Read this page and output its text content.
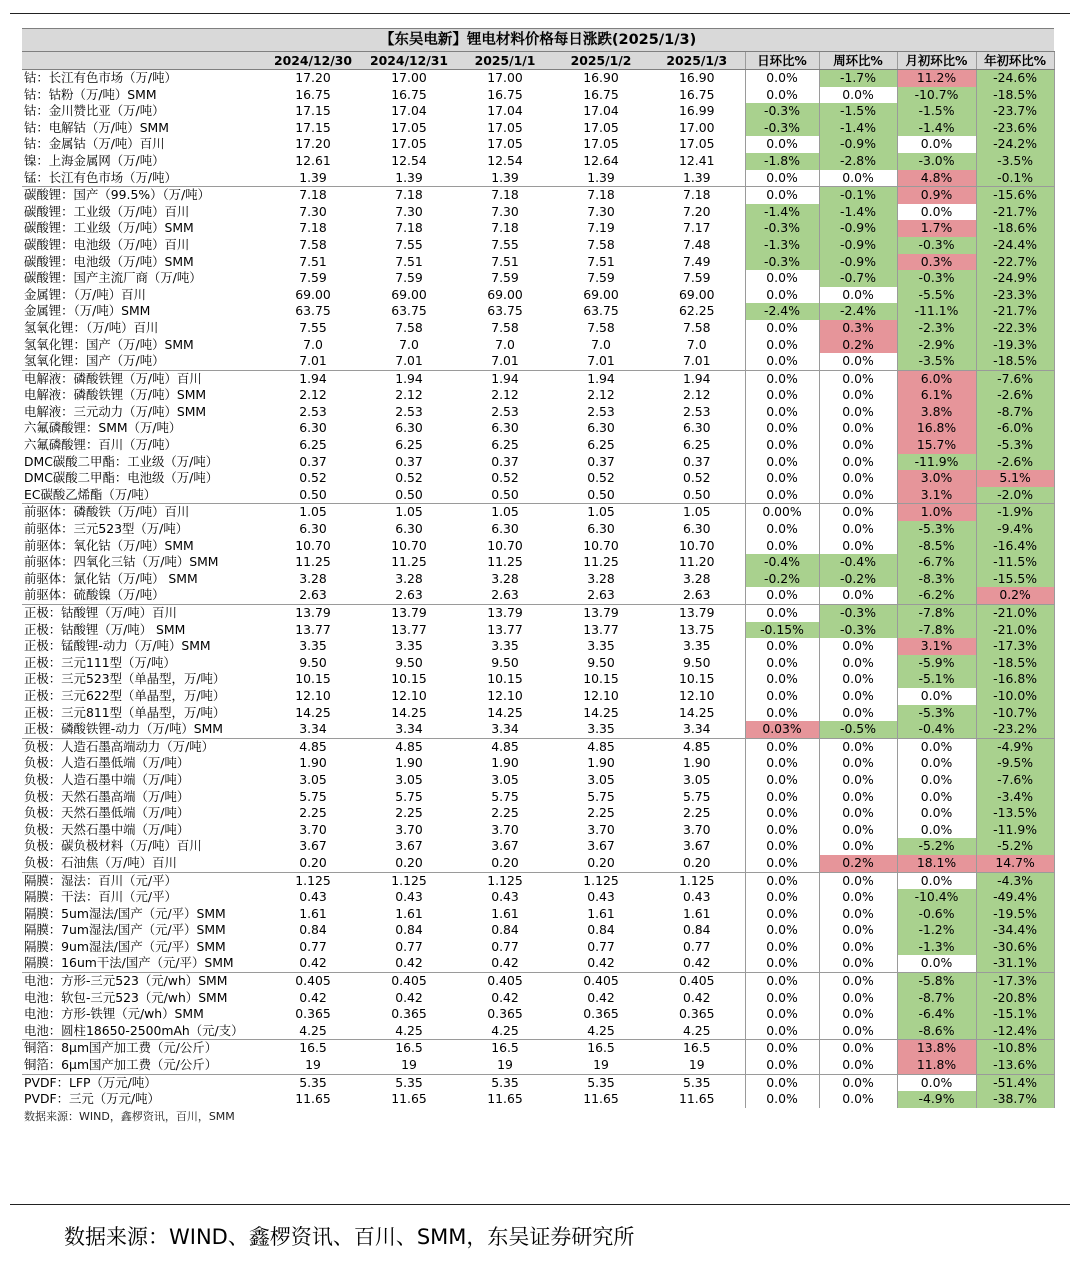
【东吴电新】锂电材料价格每日涨跌(2025/1/3)									
	2024/12/30	2024/12/31	2025/1/1	2025/1/2	2025/1/3	日环比%	周环比%	月初环比%	年初环比%
钴：长江有色市场（万/吨）	17.20	17.00	17.00	16.90	16.90	0.0%	-1.7%	11.2%	-24.6%
钴：钴粉（万/吨）SMM	16.75	16.75	16.75	16.75	16.75	0.0%	0.0%	-10.7%	-18.5%
钴：金川赞比亚（万/吨）	17.15	17.04	17.04	17.04	16.99	-0.3%	-1.5%	-1.5%	-23.7%
钴：电解钴（万/吨）SMM	17.15	17.05	17.05	17.05	17.00	-0.3%	-1.4%	-1.4%	-23.6%
钴：金属钴（万/吨）百川	17.20	17.05	17.05	17.05	17.05	0.0%	-0.9%	0.0%	-24.2%
镍：上海金属网（万/吨）	12.61	12.54	12.54	12.64	12.41	-1.8%	-2.8%	-3.0%	-3.5%
锰：长江有色市场（万/吨）	1.39	1.39	1.39	1.39	1.39	0.0%	0.0%	4.8%	-0.1%
碳酸锂：国产（99.5%）（万/吨）	7.18	7.18	7.18	7.18	7.18	0.0%	-0.1%	0.9%	-15.6%
碳酸锂：工业级（万/吨）百川	7.30	7.30	7.30	7.30	7.20	-1.4%	-1.4%	0.0%	-21.7%
碳酸锂：工业级（万/吨）SMM	7.18	7.18	7.18	7.19	7.17	-0.3%	-0.9%	1.7%	-18.6%
碳酸锂：电池级（万/吨）百川	7.58	7.55	7.55	7.58	7.48	-1.3%	-0.9%	-0.3%	-24.4%
碳酸锂：电池级（万/吨）SMM	7.51	7.51	7.51	7.51	7.49	-0.3%	-0.9%	0.3%	-22.7%
碳酸锂：国产主流厂商（万/吨）	7.59	7.59	7.59	7.59	7.59	0.0%	-0.7%	-0.3%	-24.9%
金属锂：（万/吨）百川	69.00	69.00	69.00	69.00	69.00	0.0%	0.0%	-5.5%	-23.3%
金属锂：（万/吨）SMM	63.75	63.75	63.75	63.75	62.25	-2.4%	-2.4%	-11.1%	-21.7%
氢氧化锂：（万/吨）百川	7.55	7.58	7.58	7.58	7.58	0.0%	0.3%	-2.3%	-22.3%
氢氧化锂：国产（万/吨）SMM	7.0	7.0	7.0	7.0	7.0	0.0%	0.2%	-2.9%	-19.3%
氢氧化锂：国产（万/吨）	7.01	7.01	7.01	7.01	7.01	0.0%	0.0%	-3.5%	-18.5%
电解液：磷酸铁锂（万/吨）百川	1.94	1.94	1.94	1.94	1.94	0.0%	0.0%	6.0%	-7.6%
电解液：磷酸铁锂（万/吨）SMM	2.12	2.12	2.12	2.12	2.12	0.0%	0.0%	6.1%	-2.6%
电解液：三元动力（万/吨）SMM	2.53	2.53	2.53	2.53	2.53	0.0%	0.0%	3.8%	-8.7%
六氟磷酸锂：SMM（万/吨）	6.30	6.30	6.30	6.30	6.30	0.0%	0.0%	16.8%	-6.0%
六氟磷酸锂：百川（万/吨）	6.25	6.25	6.25	6.25	6.25	0.0%	0.0%	15.7%	-5.3%
DMC碳酸二甲酯：工业级（万/吨）	0.37	0.37	0.37	0.37	0.37	0.0%	0.0%	-11.9%	-2.6%
DMC碳酸二甲酯：电池级（万/吨）	0.52	0.52	0.52	0.52	0.52	0.0%	0.0%	3.0%	5.1%
EC碳酸乙烯酯（万/吨）	0.50	0.50	0.50	0.50	0.50	0.0%	0.0%	3.1%	-2.0%
前驱体：磷酸铁（万/吨）百川	1.05	1.05	1.05	1.05	1.05	0.00%	0.0%	1.0%	-1.9%
前驱体：三元523型（万/吨）	6.30	6.30	6.30	6.30	6.30	0.0%	0.0%	-5.3%	-9.4%
前驱体：氧化钴（万/吨）SMM	10.70	10.70	10.70	10.70	10.70	0.0%	0.0%	-8.5%	-16.4%
前驱体：四氧化三钴（万/吨）SMM	11.25	11.25	11.25	11.25	11.20	-0.4%	-0.4%	-6.7%	-11.5%
前驱体：氯化钴（万/吨） SMM	3.28	3.28	3.28	3.28	3.28	-0.2%	-0.2%	-8.3%	-15.5%
前驱体：硫酸镍（万/吨）	2.63	2.63	2.63	2.63	2.63	0.0%	0.0%	-6.2%	0.2%
正极：钴酸锂（万/吨）百川	13.79	13.79	13.79	13.79	13.79	0.0%	-0.3%	-7.8%	-21.0%
正极：钴酸锂（万/吨） SMM	13.77	13.77	13.77	13.77	13.75	-0.15%	-0.3%	-7.8%	-21.0%
正极：锰酸锂-动力（万/吨）SMM	3.35	3.35	3.35	3.35	3.35	0.0%	0.0%	3.1%	-17.3%
正极：三元111型（万/吨）	9.50	9.50	9.50	9.50	9.50	0.0%	0.0%	-5.9%	-18.5%
正极：三元523型（单晶型，万/吨）	10.15	10.15	10.15	10.15	10.15	0.0%	0.0%	-5.1%	-16.8%
正极：三元622型（单晶型，万/吨）	12.10	12.10	12.10	12.10	12.10	0.0%	0.0%	0.0%	-10.0%
正极：三元811型（单晶型，万/吨）	14.25	14.25	14.25	14.25	14.25	0.0%	0.0%	-5.3%	-10.7%
正极：磷酸铁锂-动力（万/吨）SMM	3.34	3.34	3.34	3.35	3.34	0.03%	-0.5%	-0.4%	-23.2%
负极：人造石墨高端动力（万/吨）	4.85	4.85	4.85	4.85	4.85	0.0%	0.0%	0.0%	-4.9%
负极：人造石墨低端（万/吨）	1.90	1.90	1.90	1.90	1.90	0.0%	0.0%	0.0%	-9.5%
负极：人造石墨中端（万/吨）	3.05	3.05	3.05	3.05	3.05	0.0%	0.0%	0.0%	-7.6%
负极：天然石墨高端（万/吨）	5.75	5.75	5.75	5.75	5.75	0.0%	0.0%	0.0%	-3.4%
负极：天然石墨低端（万/吨）	2.25	2.25	2.25	2.25	2.25	0.0%	0.0%	0.0%	-13.5%
负极：天然石墨中端（万/吨）	3.70	3.70	3.70	3.70	3.70	0.0%	0.0%	0.0%	-11.9%
负极：碳负极材料（万/吨）百川	3.67	3.67	3.67	3.67	3.67	0.0%	0.0%	-5.2%	-5.2%
负极：石油焦（万/吨）百川	0.20	0.20	0.20	0.20	0.20	0.0%	0.2%	18.1%	14.7%
隔膜：湿法：百川（元/平）	1.125	1.125	1.125	1.125	1.125	0.0%	0.0%	0.0%	-4.3%
隔膜：干法：百川（元/平）	0.43	0.43	0.43	0.43	0.43	0.0%	0.0%	-10.4%	-49.4%
隔膜：5um湿法/国产（元/平）SMM	1.61	1.61	1.61	1.61	1.61	0.0%	0.0%	-0.6%	-19.5%
隔膜：7um湿法/国产（元/平）SMM	0.84	0.84	0.84	0.84	0.84	0.0%	0.0%	-1.2%	-34.4%
隔膜：9um湿法/国产（元/平）SMM	0.77	0.77	0.77	0.77	0.77	0.0%	0.0%	-1.3%	-30.6%
隔膜：16um干法/国产（元/平）SMM	0.42	0.42	0.42	0.42	0.42	0.0%	0.0%	0.0%	-31.1%
电池：方形-三元523（元/wh）SMM	0.405	0.405	0.405	0.405	0.405	0.0%	0.0%	-5.8%	-17.3%
电池：软包-三元523（元/wh）SMM	0.42	0.42	0.42	0.42	0.42	0.0%	0.0%	-8.7%	-20.8%
电池：方形-铁锂（元/wh）SMM	0.365	0.365	0.365	0.365	0.365	0.0%	0.0%	-6.4%	-15.1%
电池：圆柱18650-2500mAh（元/支）	4.25	4.25	4.25	4.25	4.25	0.0%	0.0%	-8.6%	-12.4%
铜箔：8μm国产加工费（元/公斤）	16.5	16.5	16.5	16.5	16.5	0.0%	0.0%	13.8%	-10.8%
铜箔：6μm国产加工费（元/公斤）	19	19	19	19	19	0.0%	0.0%	11.8%	-13.6%
PVDF：LFP（万元/吨）	5.35	5.35	5.35	5.35	5.35	0.0%	0.0%	0.0%	-51.4%
PVDF：三元（万元/吨）	11.65	11.65	11.65	11.65	11.65	0.0%	0.0%	-4.9%	-38.7%
数据来源：WIND，鑫椤资讯，百川，SMM
数据来源：WIND、鑫椤资讯、百川、SMM，东吴证券研究所
